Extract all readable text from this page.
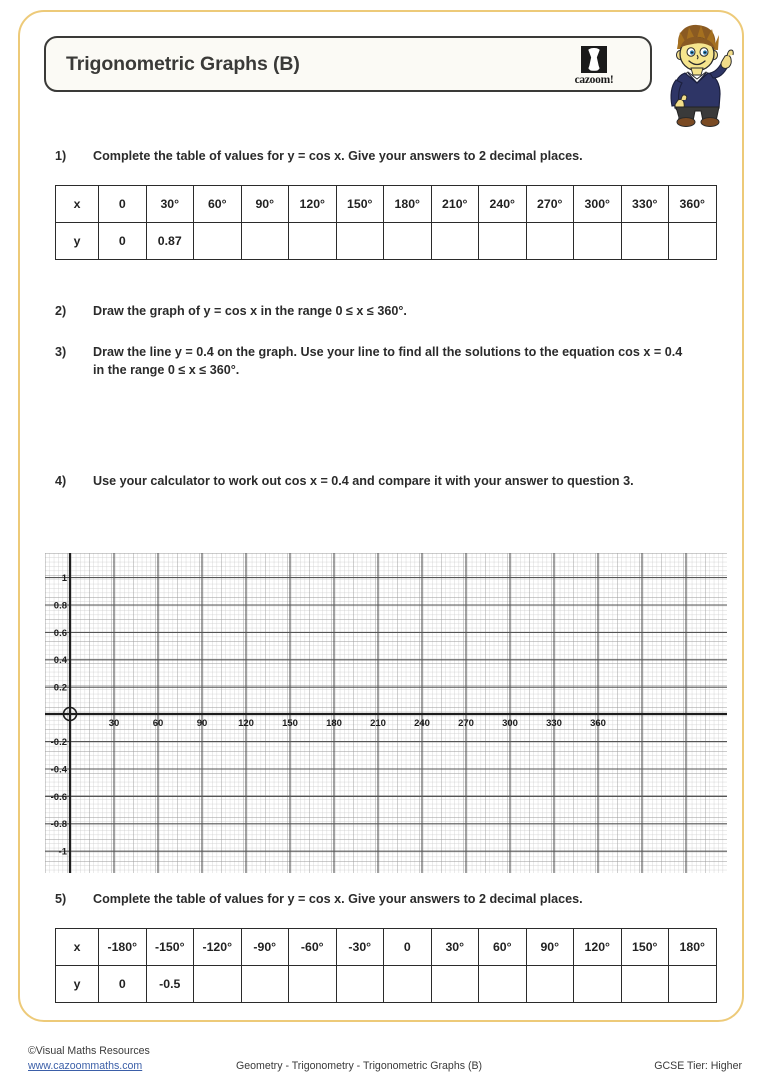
Trigonometric Graphs (B)
cazoom!
1)	Complete the table of values for y = cos x. Give your answers to 2 decimal places.
x	0	30°	60°	90°	120°	150°	180°	210°	240°	270°	300°	330°	360°
y	0	0.87											
2)	Draw the graph of y = cos x in the range 0 ≤ x ≤ 360°.
3)	Draw the line y = 0.4 on the graph. Use your line to find all the solutions to the equation cos x = 0.4 in the range 0 ≤ x ≤ 360°.
4)	Use your calculator to work out cos x = 0.4 and compare it with your answer to question 3.
30	60	90	120	150	180	210	240	270	300	330	360
1
0.8
0.6
0.4
0.2
-0.2
-0.4
-0.6
-0.8
-1
5)	Complete the table of values for y = cos x. Give your answers to 2 decimal places.
x	-180°	-150°	-120°	-90°	-60°	-30°	0	30°	60°	90°	120°	150°	180°
y	0	-0.5											
©Visual Maths Resources
www.cazoommaths.com	Geometry - Trigonometry - Trigonometric Graphs (B)	GCSE Tier: Higher
